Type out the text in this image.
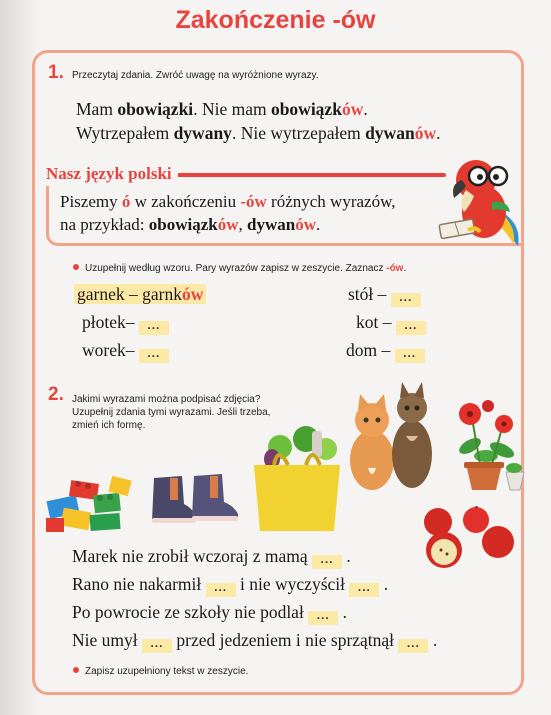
Zakończenie -ów
1. Przeczytaj zdania. Zwróć uwagę na wyróżnione wyrazy.
Mam obowiązki. Nie mam obowiązków.
Wytrzepałem dywany. Nie wytrzepałem dywanów.
Nasz język polski
Piszemy ó w zakończeniu -ów różnych wyrazów,
na przykład: obowiązków, dywanów.
Uzupełnij według wzoru. Pary wyrazów zapisz w zeszycie. Zaznacz -ów.
garnek – garnków
płotek– ...
worek– ...
stół – ...
kot – ...
dom – ...
2. Jakimi wyrazami można podpisać zdjęcia?
Uzupełnij zdania tymi wyrazami. Jeśli trzeba,
zmień ich formę.
Marek nie zrobił wczoraj z mamą ... .
Rano nie nakarmił ... i nie wyczyścił ... .
Po powrocie ze szkoły nie podlał ... .
Nie umył ... przed jedzeniem i nie sprzątnął ... .
Zapisz uzupełniony tekst w zeszycie.
